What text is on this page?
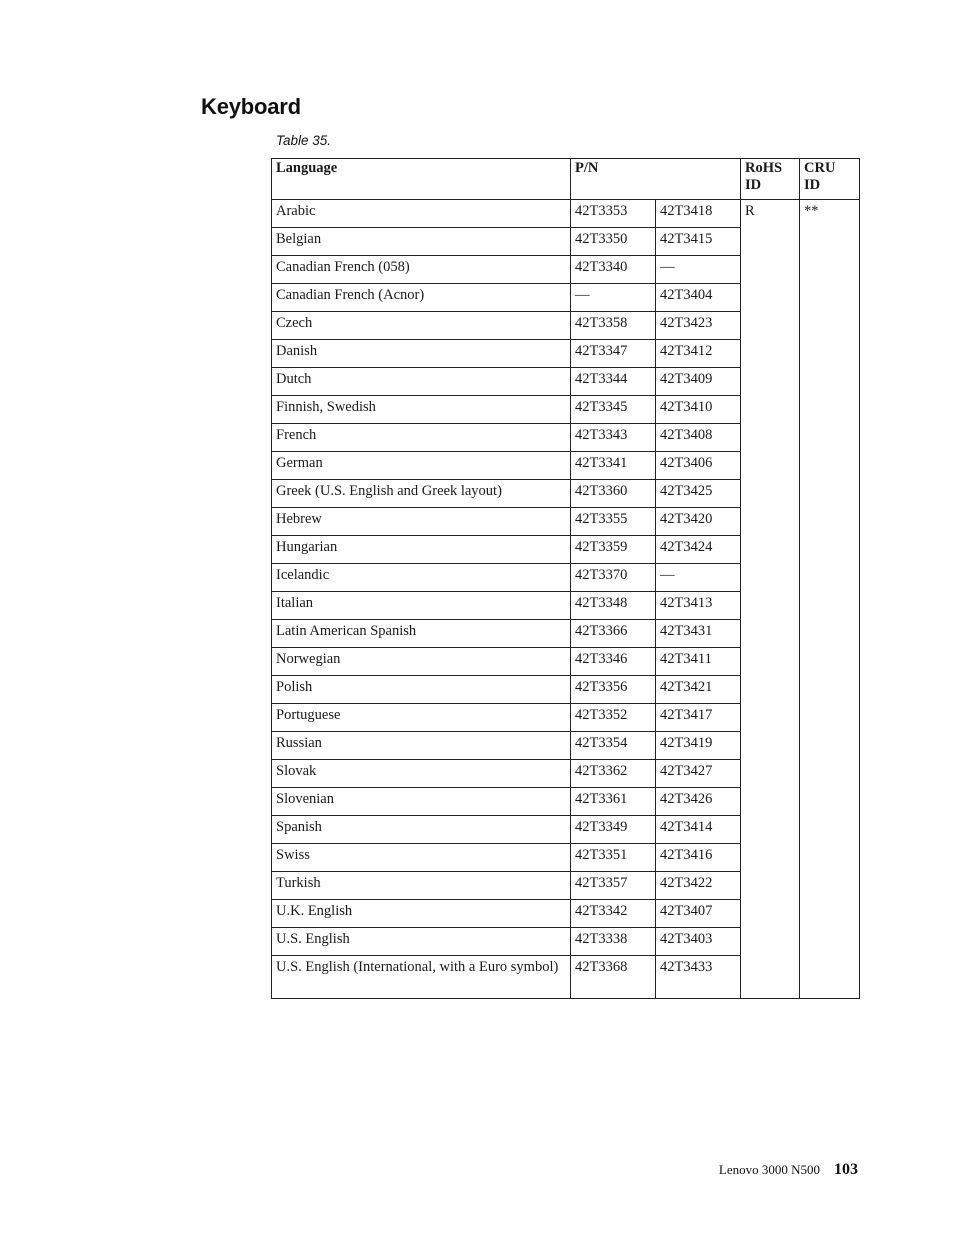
Keyboard
Table 35.
Language	P/N		RoHS ID	CRU ID
Arabic	42T3353	42T3418	R	**
Belgian	42T3350	42T3415		
Canadian French (058)	42T3340	—		
Canadian French (Acnor)	—	42T3404		
Czech	42T3358	42T3423		
Danish	42T3347	42T3412		
Dutch	42T3344	42T3409		
Finnish, Swedish	42T3345	42T3410		
French	42T3343	42T3408		
German	42T3341	42T3406		
Greek (U.S. English and Greek layout)	42T3360	42T3425		
Hebrew	42T3355	42T3420		
Hungarian	42T3359	42T3424		
Icelandic	42T3370	—		
Italian	42T3348	42T3413		
Latin American Spanish	42T3366	42T3431		
Norwegian	42T3346	42T3411		
Polish	42T3356	42T3421		
Portuguese	42T3352	42T3417		
Russian	42T3354	42T3419		
Slovak	42T3362	42T3427		
Slovenian	42T3361	42T3426		
Spanish	42T3349	42T3414		
Swiss	42T3351	42T3416		
Turkish	42T3357	42T3422		
U.K. English	42T3342	42T3407		
U.S. English	42T3338	42T3403		
U.S. English (International, with a Euro symbol)	42T3368	42T3433		
Lenovo 3000 N500 103
